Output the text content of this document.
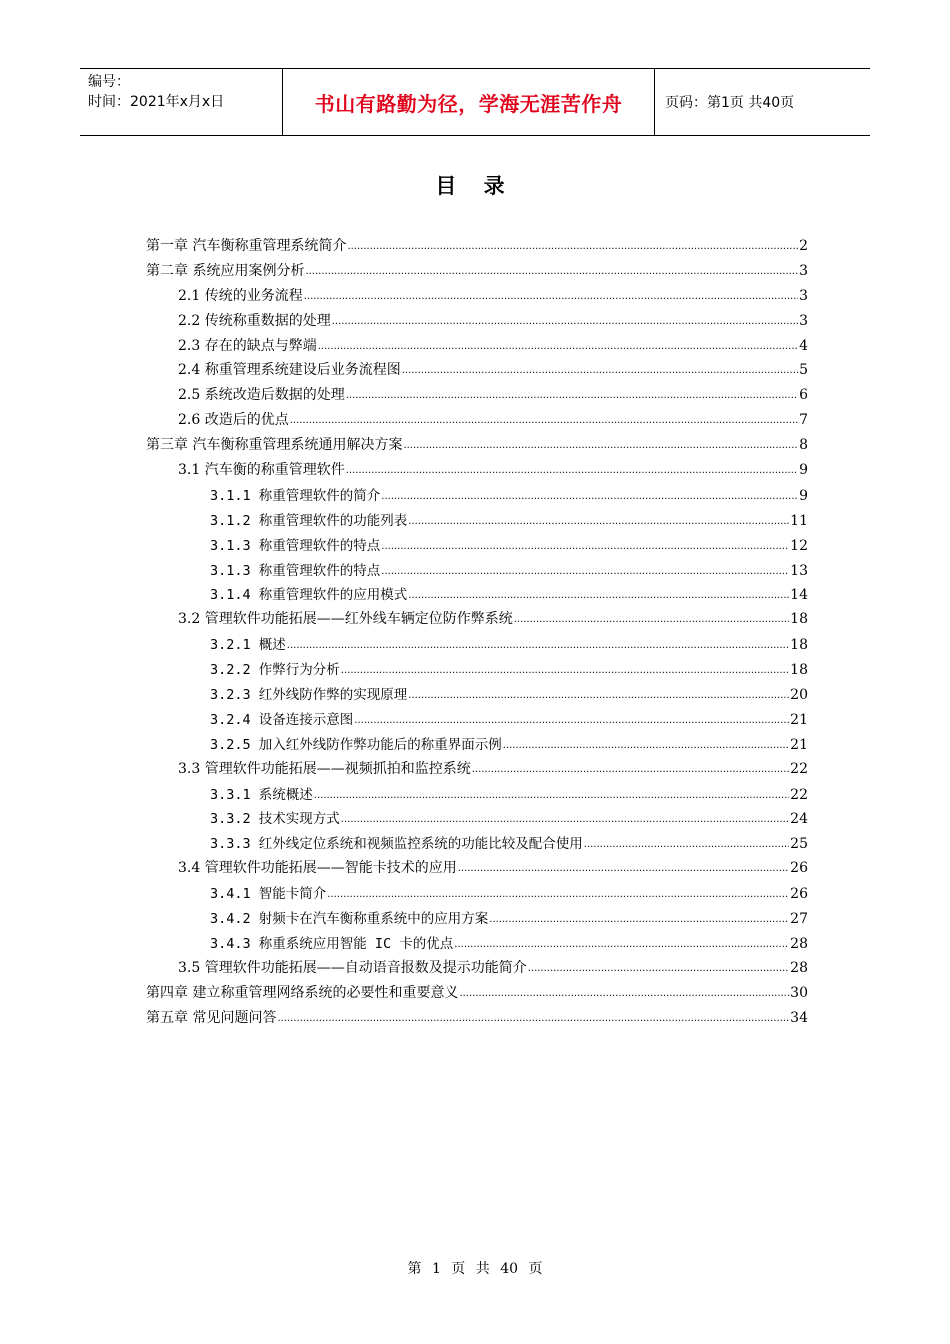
编号：
时间：2021年x月x日	书山有路勤为径，学海无涯苦作舟	页码：第1页 共40页
目 录
第一章 汽车衡称重管理系统简介 .....	2
第二章 系统应用案例分析 .....	3
2.1 传统的业务流程 .....	3
2.2 传统称重数据的处理 .....	3
2.3 存在的缺点与弊端 .....	4
2.4 称重管理系统建设后业务流程图 .....	5
2.5 系统改造后数据的处理 .....	6
2.6 改造后的优点 .....	7
第三章 汽车衡称重管理系统通用解决方案 .....	8
3.1 汽车衡的称重管理软件 .....	9
3.1.1 称重管理软件的简介 .....	9
3.1.2 称重管理软件的功能列表 .....	11
3.1.3 称重管理软件的特点 .....	12
3.1.3 称重管理软件的特点 .....	13
3.1.4 称重管理软件的应用模式 .....	14
3.2 管理软件功能拓展——红外线车辆定位防作弊系统 .....	18
3.2.1 概述 .....	18
3.2.2 作弊行为分析 .....	18
3.2.3 红外线防作弊的实现原理 .....	20
3.2.4 设备连接示意图 .....	21
3.2.5 加入红外线防作弊功能后的称重界面示例 .....	21
3.3 管理软件功能拓展——视频抓拍和监控系统 .....	22
3.3.1 系统概述 .....	22
3.3.2 技术实现方式 .....	24
3.3.3 红外线定位系统和视频监控系统的功能比较及配合使用 .....	25
3.4 管理软件功能拓展——智能卡技术的应用 .....	26
3.4.1 智能卡简介 .....	26
3.4.2 射频卡在汽车衡称重系统中的应用方案 .....	27
3.4.3 称重系统应用智能 IC 卡的优点 .....	28
3.5 管理软件功能拓展——自动语音报数及提示功能简介 .....	28
第四章 建立称重管理网络系统的必要性和重要意义 .....	30
第五章 常见问题问答 .....	34
第 1 页 共 40 页
